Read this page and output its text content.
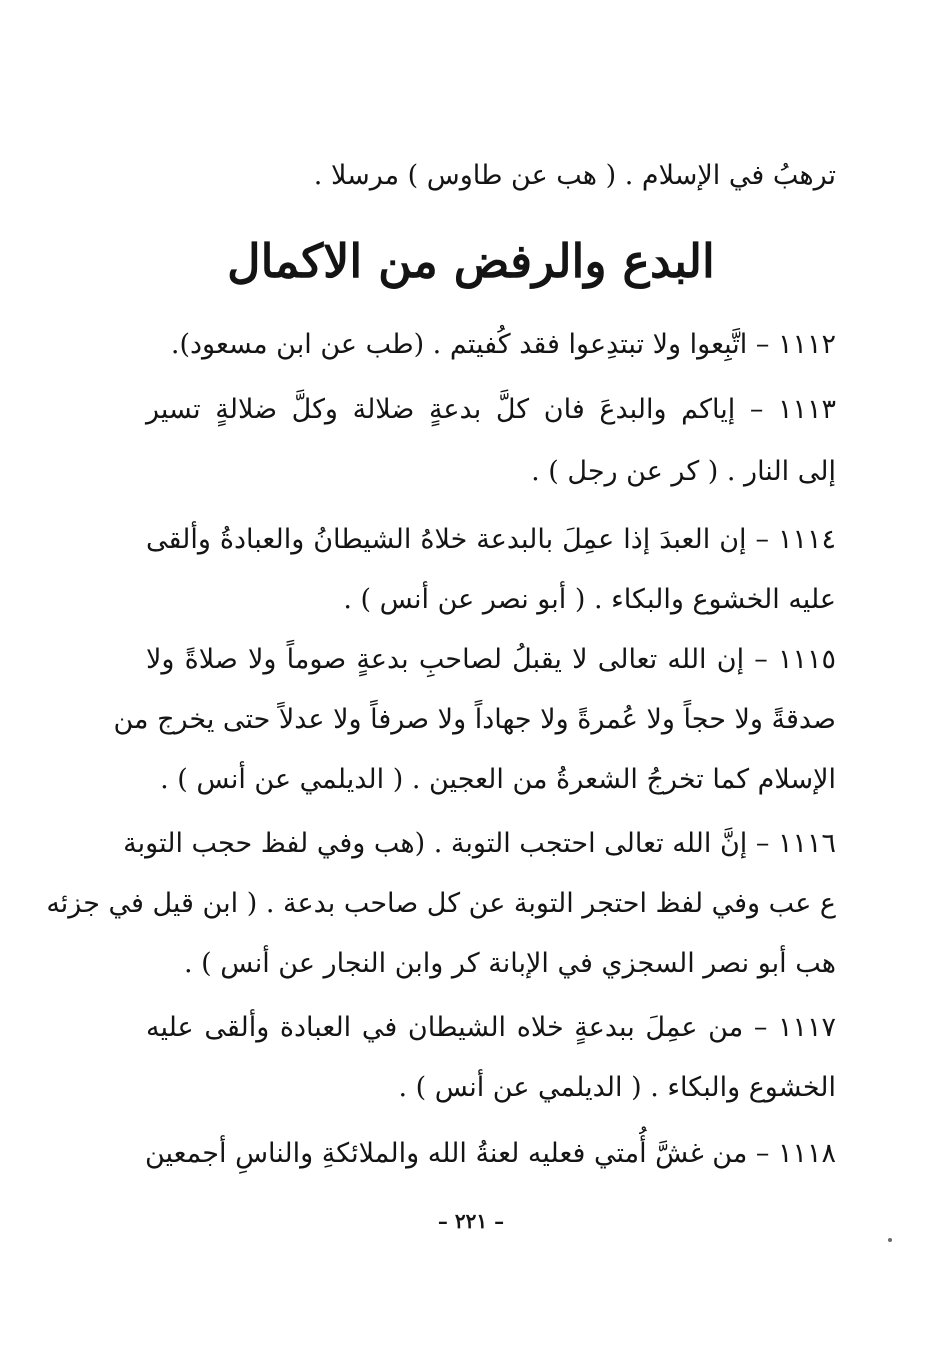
ترهبُ في الإسلام . ( هب عن طاوس ) مرسلا .
البدع والرفض من الاكمال
١١١٢ – اتَّبِعوا ولا تبتدِعوا فقد كُفيتم . (طب عن ابن مسعود).
١١١٣ – إياكم والبدعَ فان كلَّ بدعةٍ ضلالة وكلَّ ضلالةٍ تسير
إلى النار . ( كر عن رجل ) .
١١١٤ – إن العبدَ إذا عمِلَ بالبدعة خلاهُ الشيطانُ والعبادةُ وألقى
عليه الخشوع والبكاء . ( أبو نصر عن أنس ) .
١١١٥ – إن الله تعالى لا يقبلُ لصاحبِ بدعةٍ صوماً ولا صلاةً ولا
صدقةً ولا حجاً ولا عُمرةً ولا جهاداً ولا صرفاً ولا عدلاً حتى يخرج من
الإسلام كما تخرجُ الشعرةُ من العجين . ( الديلمي عن أنس ) .
١١١٦ – إنَّ الله تعالى احتجب التوبة . (هب وفي لفظ حجب التوبة
ع عب وفي لفظ احتجر التوبة عن كل صاحب بدعة . ( ابن قيل في جزئه
هب أبو نصر السجزي في الإبانة كر وابن النجار عن أنس ) .
١١١٧ – من عمِلَ ببدعةٍ خلاه الشيطان في العبادة وألقى عليه
الخشوع والبكاء . ( الديلمي عن أنس ) .
١١١٨ – من غشَّ أُمتي فعليه لعنةُ الله والملائكةِ والناسِ أجمعين
– ٢٢١ –
